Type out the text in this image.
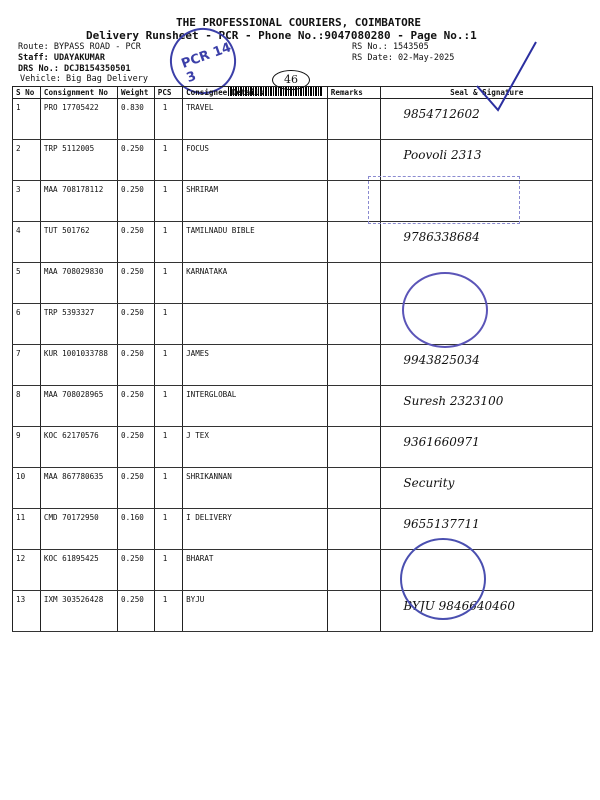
THE PROFESSIONAL COURIERS, COIMBATORE
Delivery Runsheet - PCR - Phone No.:9047080280 - Page No.:1
Route: BYPASS ROAD - PCR
Staff: UDAYAKUMAR
DRS No.: DCJB154350501
Vehicle: Big Bag Delivery
RS No.: 1543505
RS Date: 02-May-2025
PCR 14 3	46
S No	Consignment No	Weight	PCS	Consignee Details	Remarks	Seal & Signature
1	PRO 17705422	0.830	1	TRAVEL		9854712602

2	TRP 5112005	0.250	1	FOCUS		Poovoli 2313

3	MAA 708178112	0.250	1	SHRIRAM		

4	TUT 501762	0.250	1	TAMILNADU BIBLE		9786338684

5	MAA 708029830	0.250	1	KARNATAKA		

6	TRP 5393327	0.250	1			

7	KUR 1001033788	0.250	1	JAMES		9943825034

8	MAA 708028965	0.250	1	INTERGLOBAL		Suresh 2323100

9	KOC 62170576	0.250	1	J TEX		9361660971

10	MAA 867780635	0.250	1	SHRIKANNAN		Security

11	CMD 70172950	0.160	1	I DELIVERY		9655137711

12	KOC 61895425	0.250	1	BHARAT		

13	IXM 303526428	0.250	1	BYJU		BYJU 9846640460
